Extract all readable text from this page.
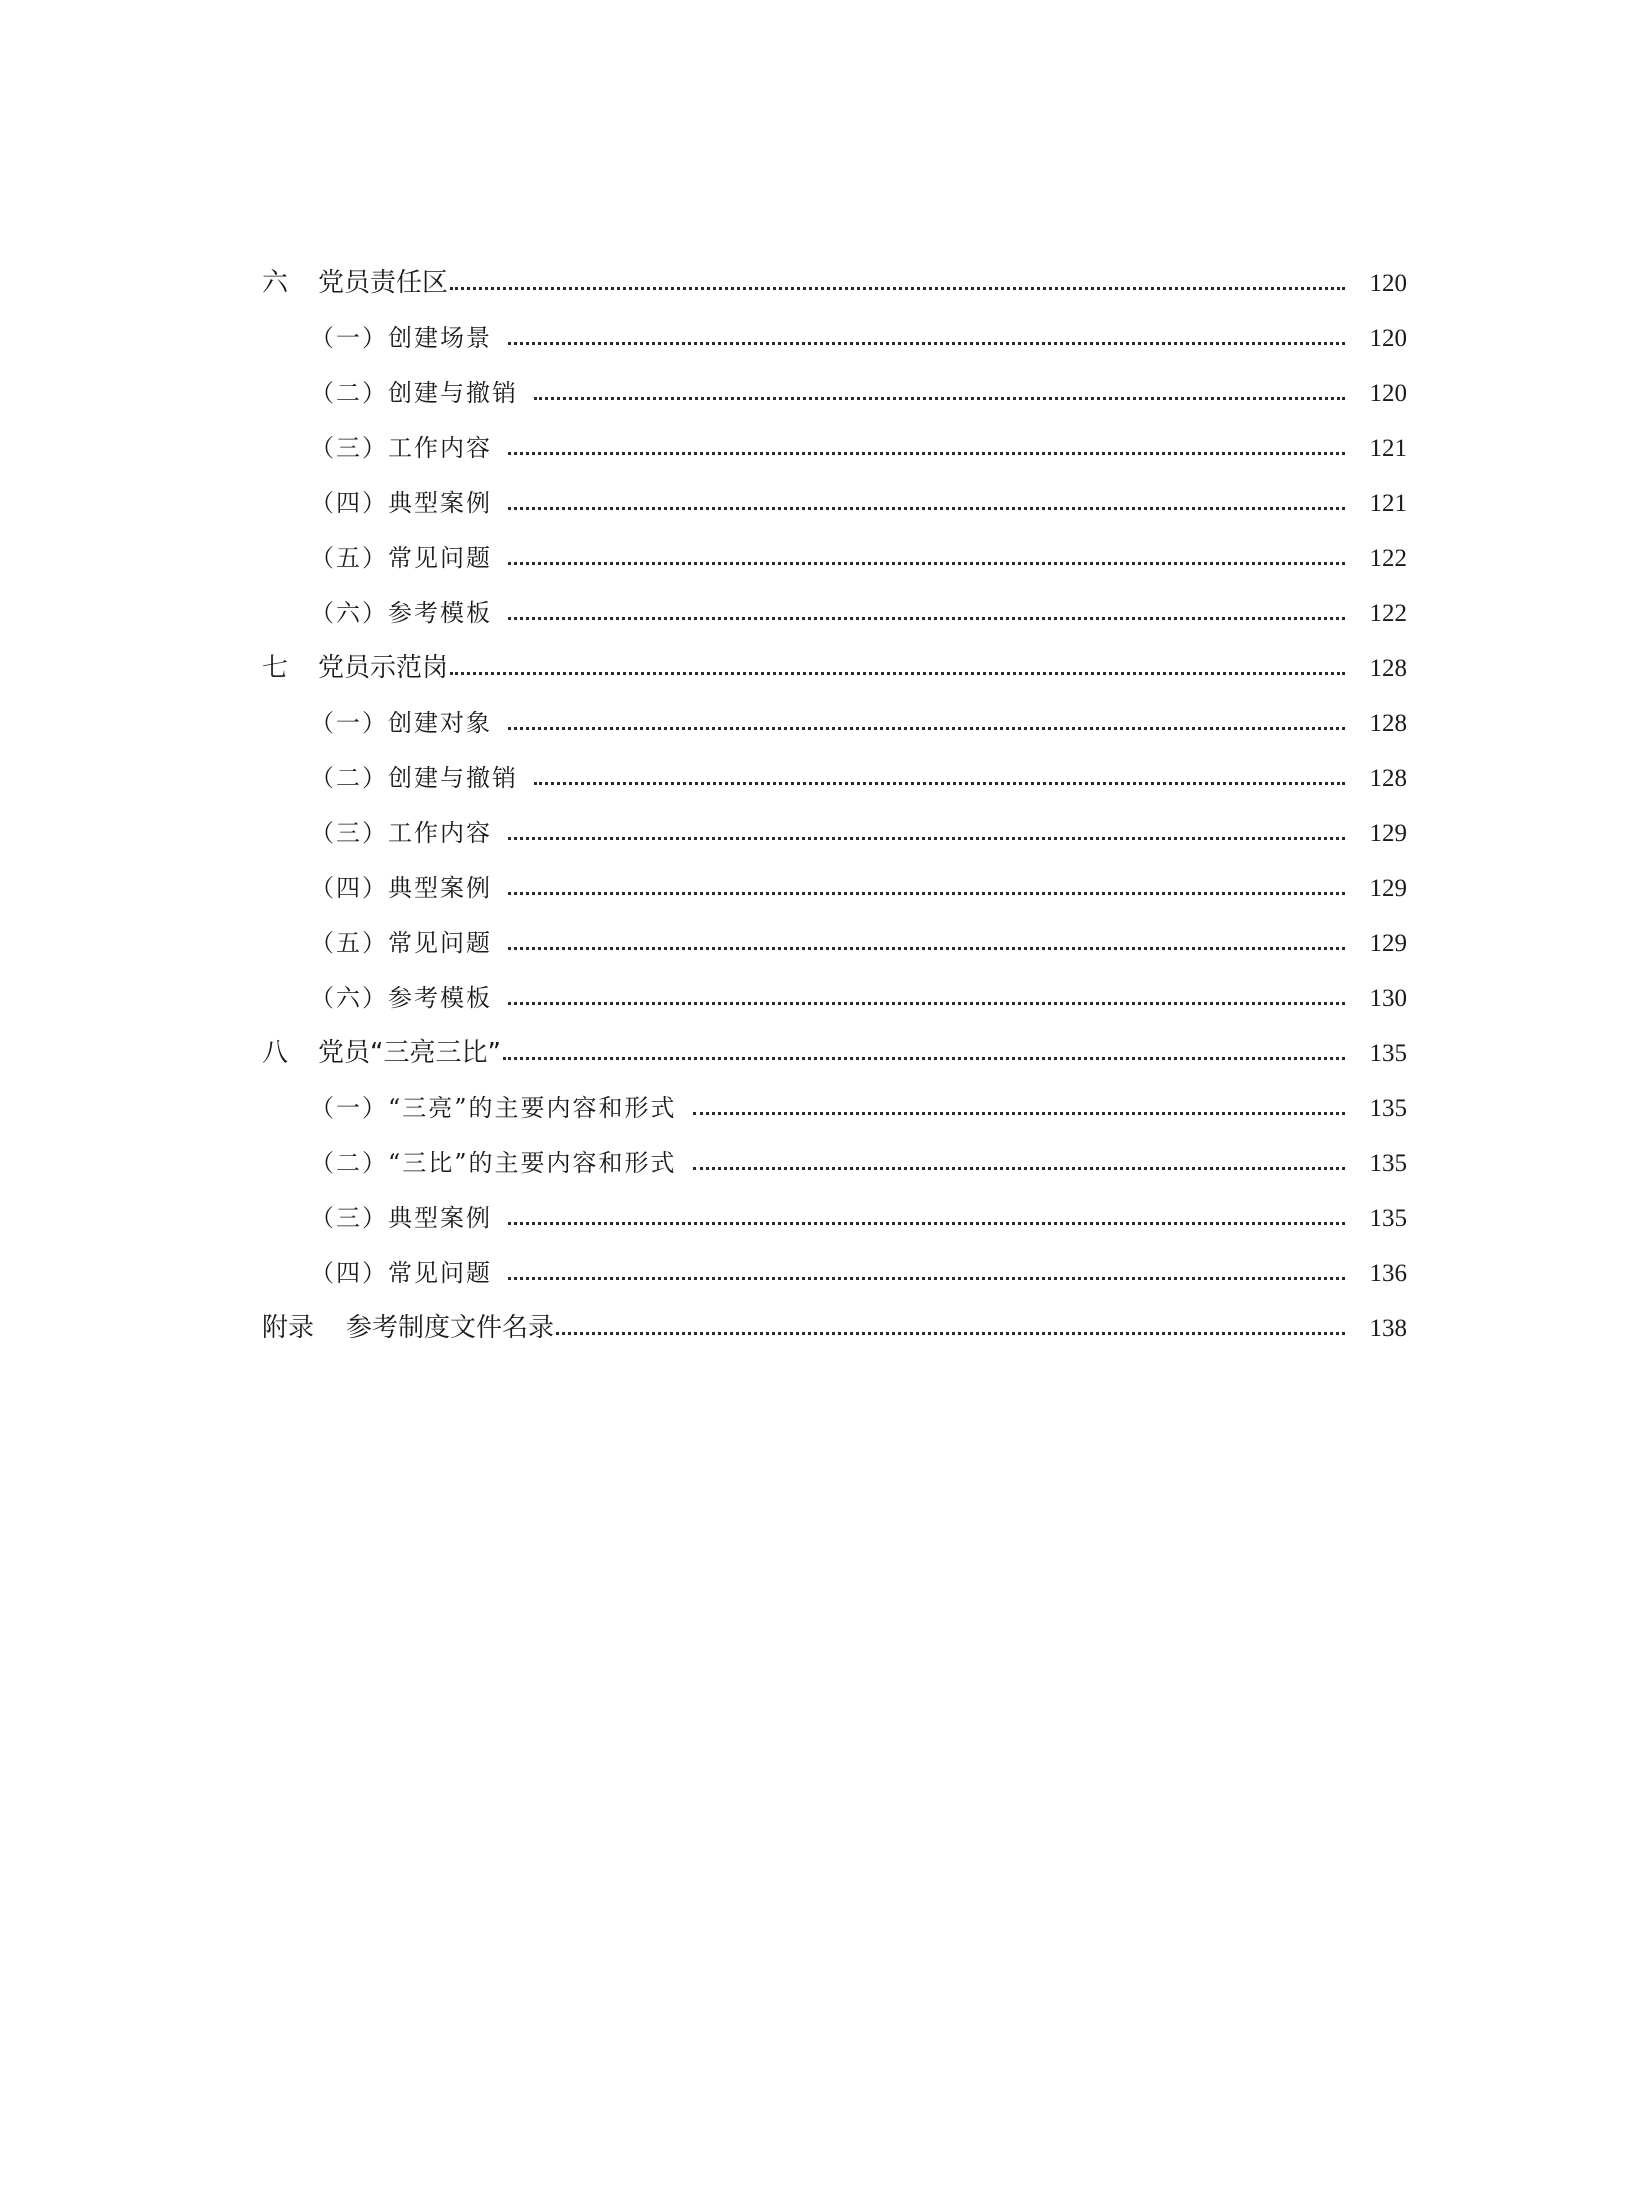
六	党员责任区	120
（一）创建场景	120
（二）创建与撤销	120
（三）工作内容	121
（四）典型案例	121
（五）常见问题	122
（六）参考模板	122
七	党员示范岗	128
（一）创建对象	128
（二）创建与撤销	128
（三）工作内容	129
（四）典型案例	129
（五）常见问题	129
（六）参考模板	130
八	党员“三亮三比”	135
（一）“三亮”的主要内容和形式	135
（二）“三比”的主要内容和形式	135
（三）典型案例	135
（四）常见问题	136
附录	参考制度文件名录	138
